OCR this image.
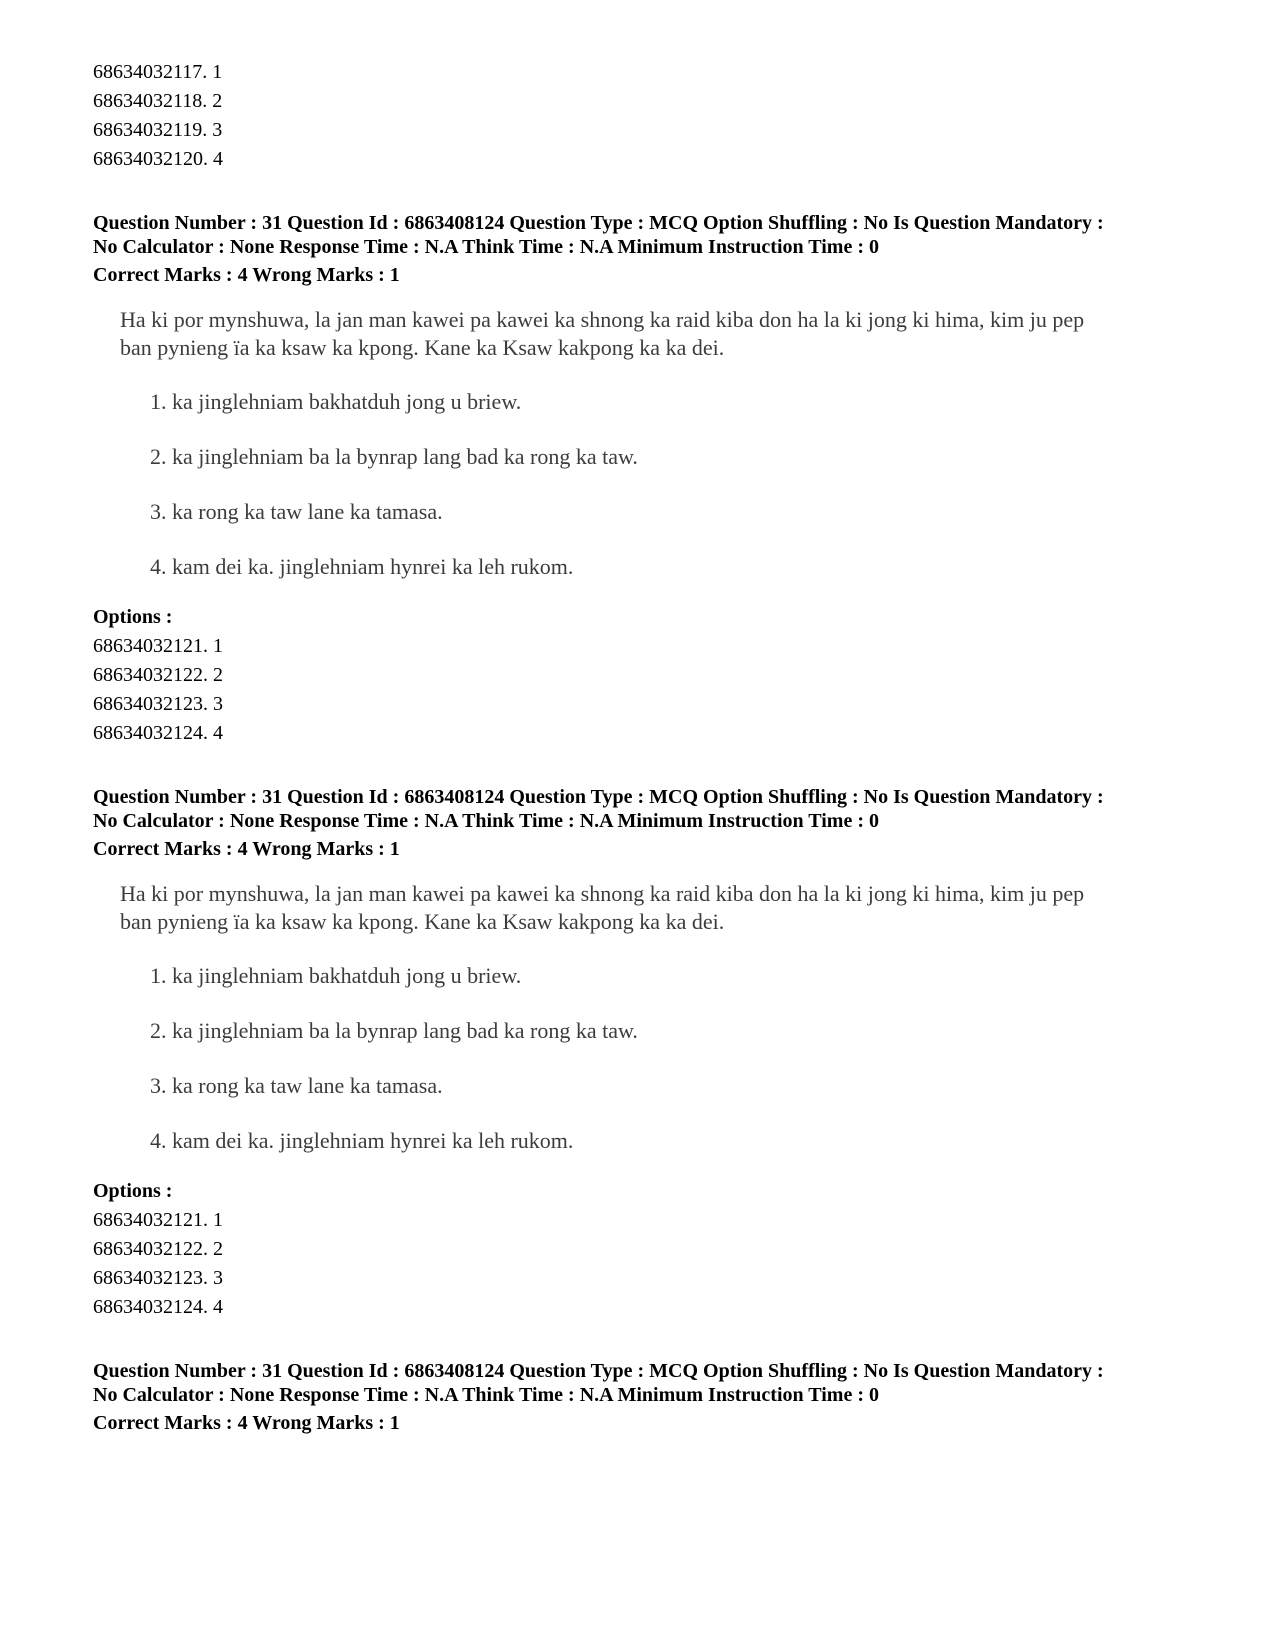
68634032117. 1
68634032118. 2
68634032119. 3
68634032120. 4
Question Number : 31 Question Id : 6863408124 Question Type : MCQ Option Shuffling : No Is Question Mandatory :
No Calculator : None Response Time : N.A Think Time : N.A Minimum Instruction Time : 0
Correct Marks : 4 Wrong Marks : 1
Ha ki por mynshuwa, la jan man kawei pa kawei ka shnong ka raid kiba don ha la ki jong ki hima, kim ju pep
ban pynieng ïa ka ksaw ka kpong. Kane ka Ksaw kakpong ka ka dei.
1. ka jinglehniam bakhatduh jong u briew.
2. ka jinglehniam ba la bynrap lang bad ka rong ka taw.
3. ka rong ka taw lane ka tamasa.
4. kam dei ka. jinglehniam hynrei ka leh rukom.
Options :
68634032121. 1
68634032122. 2
68634032123. 3
68634032124. 4
Question Number : 31 Question Id : 6863408124 Question Type : MCQ Option Shuffling : No Is Question Mandatory :
No Calculator : None Response Time : N.A Think Time : N.A Minimum Instruction Time : 0
Correct Marks : 4 Wrong Marks : 1
Ha ki por mynshuwa, la jan man kawei pa kawei ka shnong ka raid kiba don ha la ki jong ki hima, kim ju pep
ban pynieng ïa ka ksaw ka kpong. Kane ka Ksaw kakpong ka ka dei.
1. ka jinglehniam bakhatduh jong u briew.
2. ka jinglehniam ba la bynrap lang bad ka rong ka taw.
3. ka rong ka taw lane ka tamasa.
4. kam dei ka. jinglehniam hynrei ka leh rukom.
Options :
68634032121. 1
68634032122. 2
68634032123. 3
68634032124. 4
Question Number : 31 Question Id : 6863408124 Question Type : MCQ Option Shuffling : No Is Question Mandatory :
No Calculator : None Response Time : N.A Think Time : N.A Minimum Instruction Time : 0
Correct Marks : 4 Wrong Marks : 1
